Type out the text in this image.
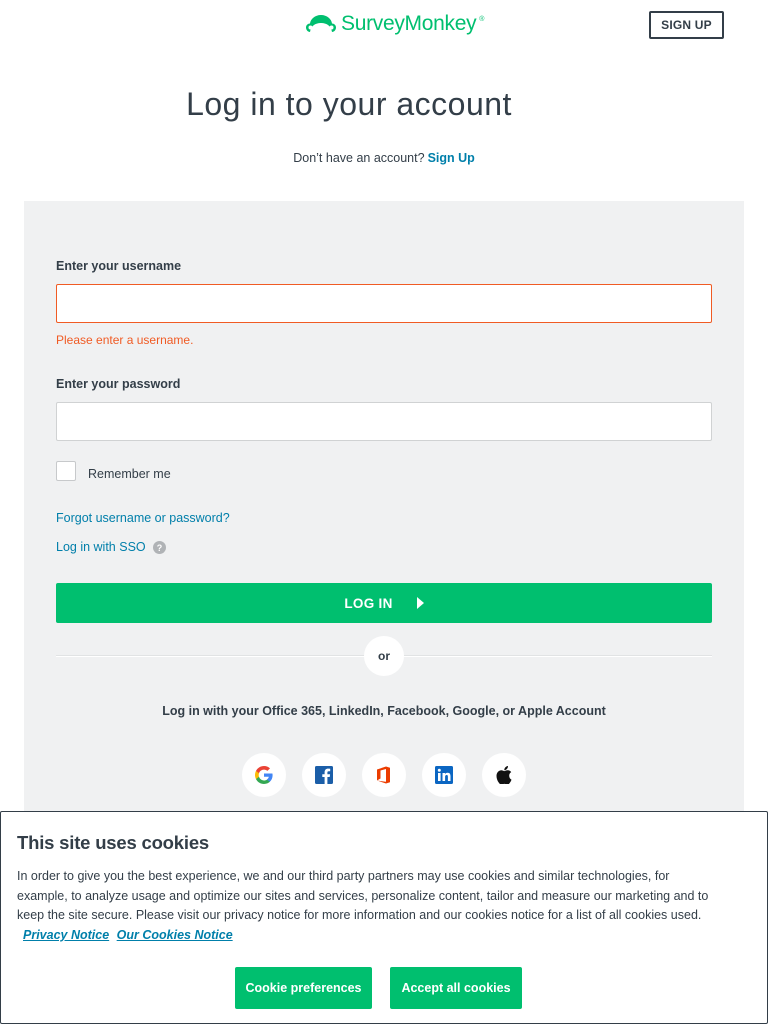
SurveyMonkey ®	SIGN UP
Log in to your account
Don’t have an account? Sign Up
Enter your username
Please enter a username.
Enter your password
Remember me
Forgot username or password?
Log in with SSO	?
LOG IN
or
Log in with your Office 365, LinkedIn, Facebook, Google, or Apple Account
This site uses cookies
In order to give you the best experience, we and our third party partners may use cookies and similar technologies, for example, to analyze usage and optimize our sites and services, personalize content, tailor and measure our marketing and to keep the site secure. Please visit our privacy notice for more information and our cookies notice for a list of all cookies used. Privacy Notice Our Cookies Notice
Cookie preferences	Accept all cookies
